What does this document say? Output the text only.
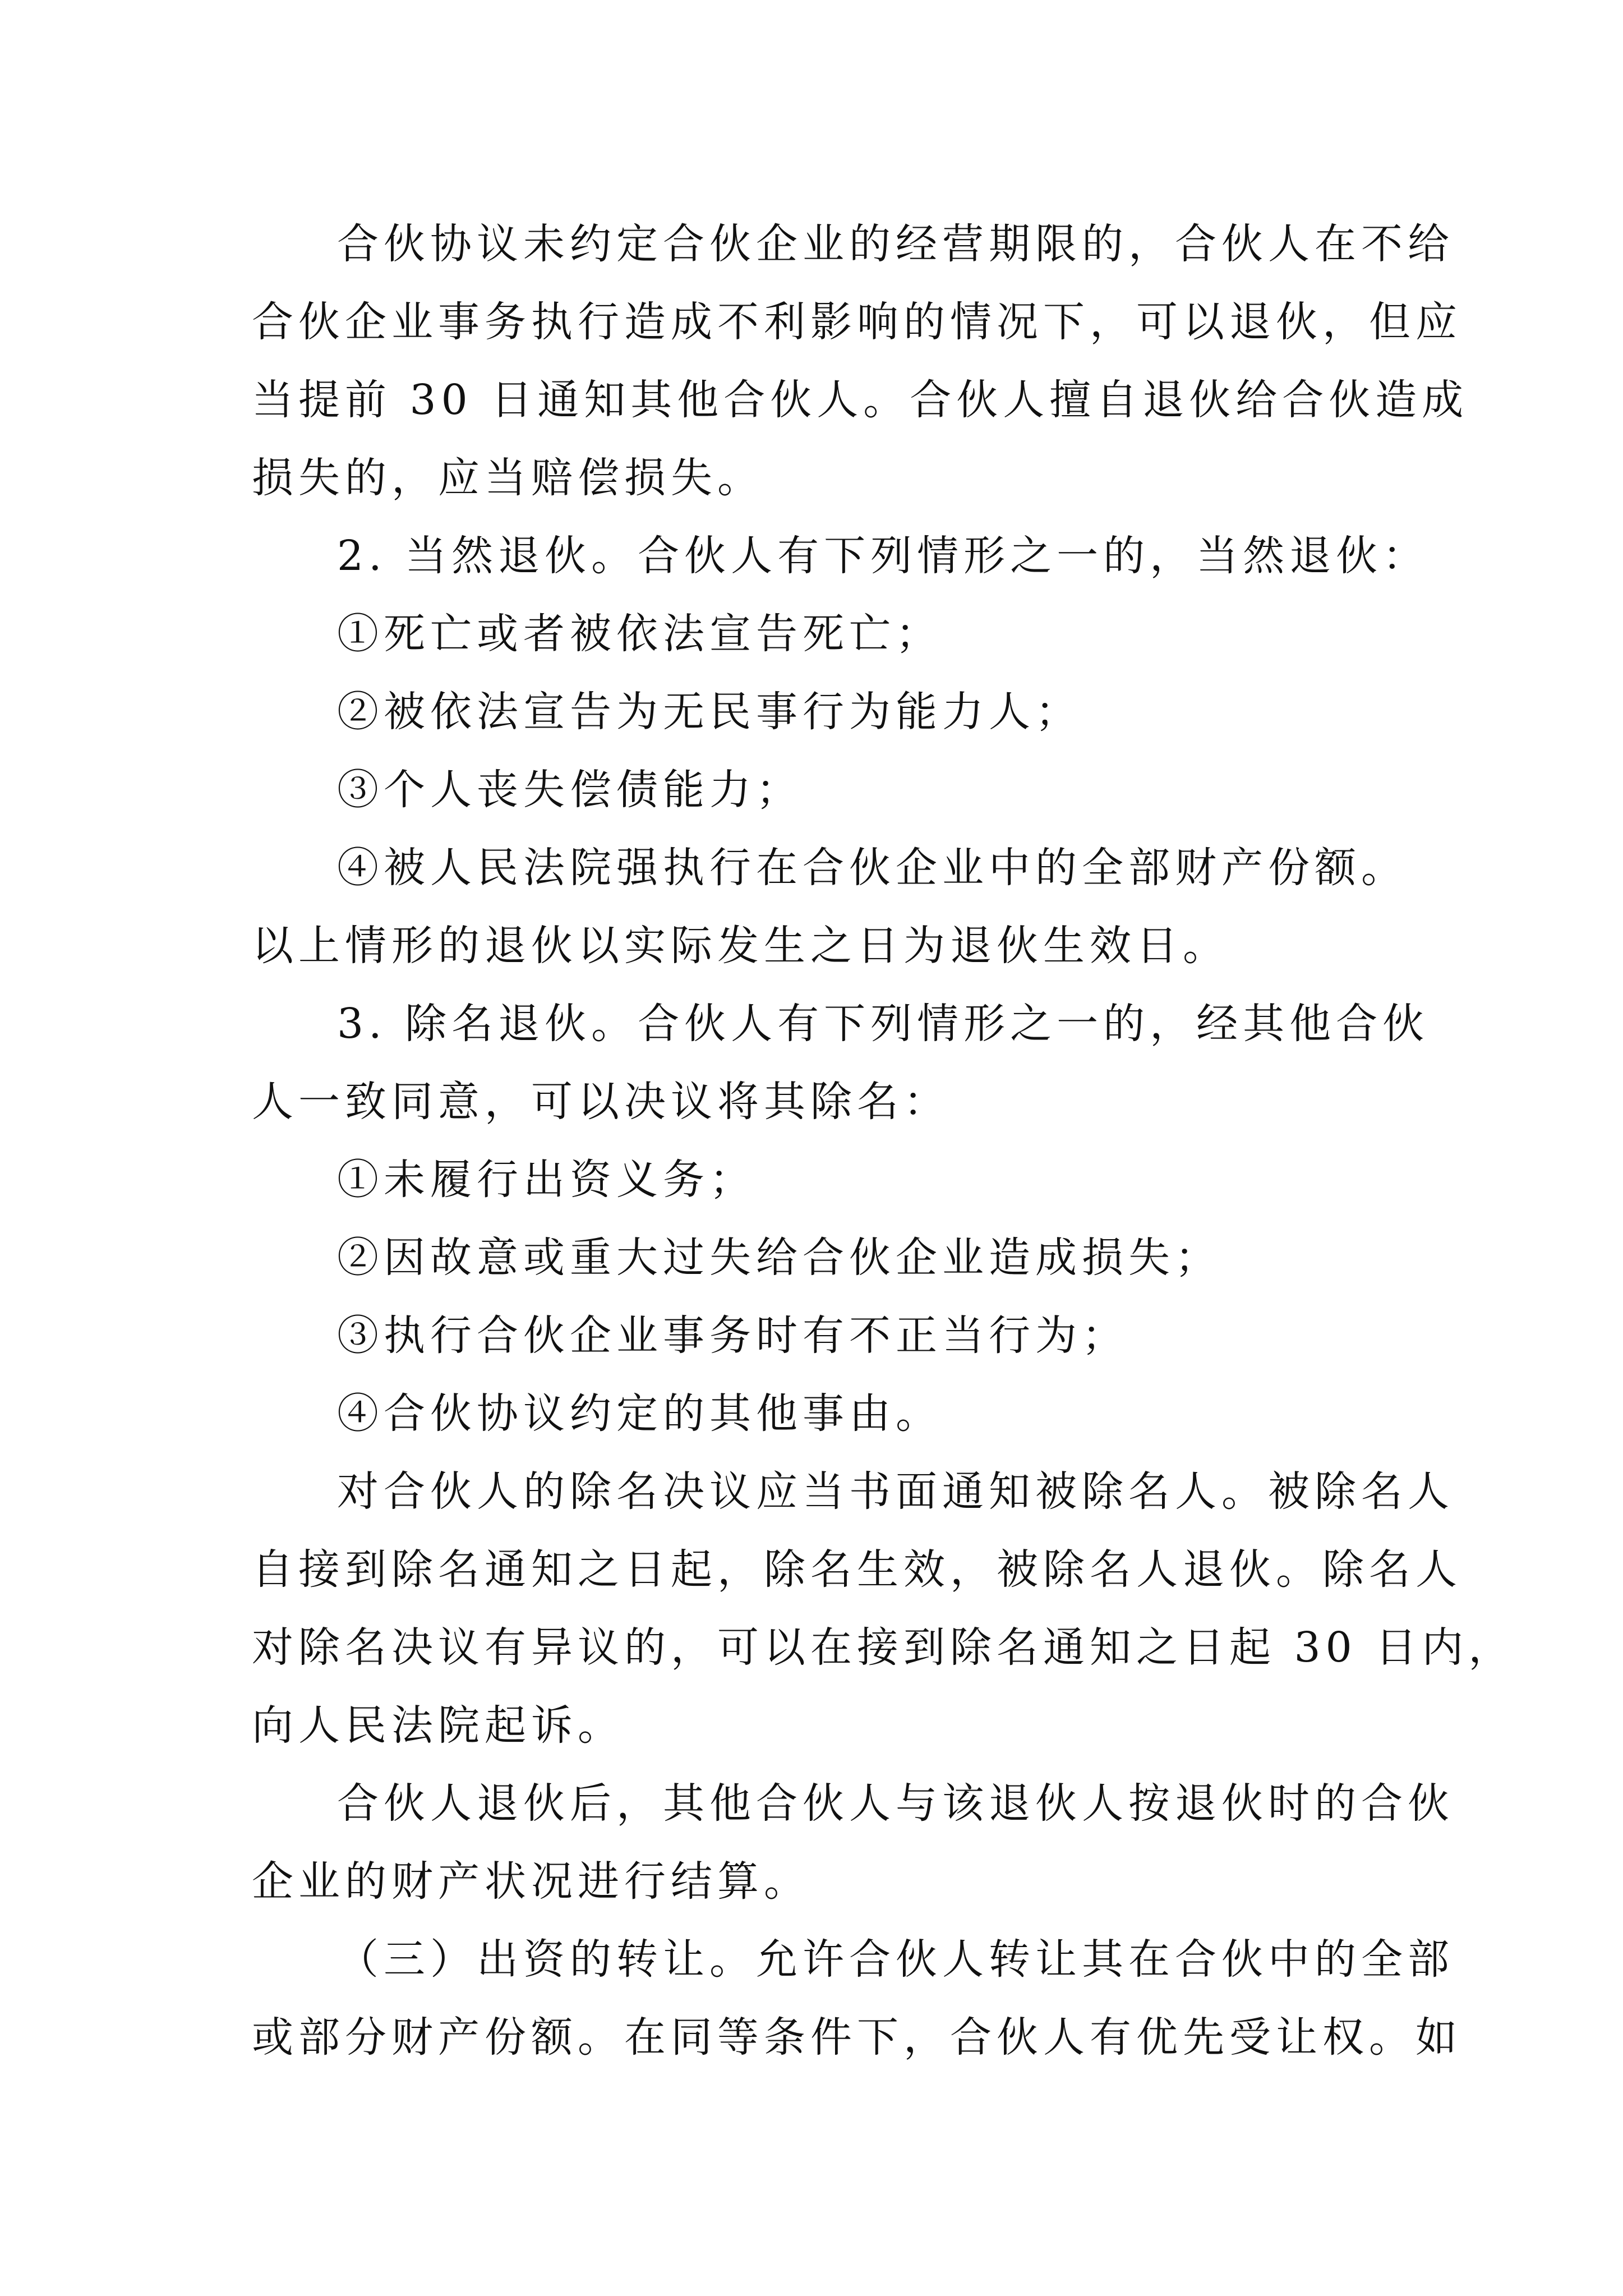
合伙协议未约定合伙企业的经营期限的，合伙人在不给
合伙企业事务执行造成不利影响的情况下，可以退伙，但应
当提前 30 日通知其他合伙人。合伙人擅自退伙给合伙造成
损失的，应当赔偿损失。
2. 当然退伙。合伙人有下列情形之一的，当然退伙：
①死亡或者被依法宣告死亡；
②被依法宣告为无民事行为能力人；
③个人丧失偿债能力；
④被人民法院强执行在合伙企业中的全部财产份额。
以上情形的退伙以实际发生之日为退伙生效日。
3. 除名退伙。合伙人有下列情形之一的，经其他合伙
人一致同意，可以决议将其除名：
①未履行出资义务；
②因故意或重大过失给合伙企业造成损失；
③执行合伙企业事务时有不正当行为；
④合伙协议约定的其他事由。
对合伙人的除名决议应当书面通知被除名人。被除名人
自接到除名通知之日起，除名生效，被除名人退伙。除名人
对除名决议有异议的，可以在接到除名通知之日起 30 日内，
向人民法院起诉。
合伙人退伙后，其他合伙人与该退伙人按退伙时的合伙
企业的财产状况进行结算。
（三）出资的转让。允许合伙人转让其在合伙中的全部
或部分财产份额。在同等条件下，合伙人有优先受让权。如
